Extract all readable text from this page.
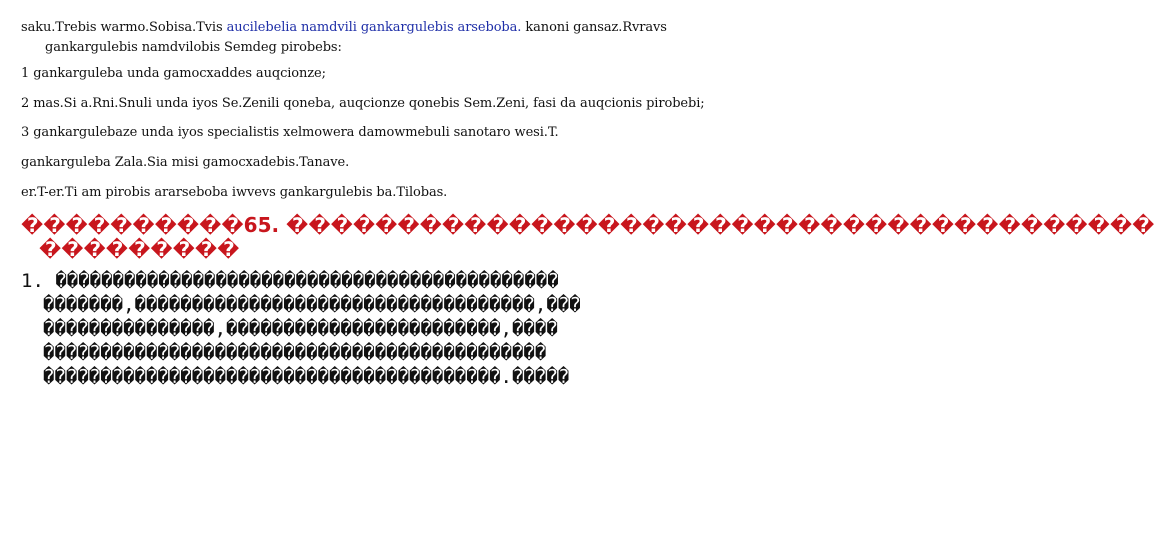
saku.Trebis warmo.Sobisa.Tvis aucilebelia namdvili gankargulebis arseboba. kanoni gansaz.Rvravs
gankargulebis namdvilobis Semdeg pirobebs:
1 gankarguleba unda gamocxaddes auqcionze;
2 mas.Si a.Rni.Snuli unda iyos Se.Zenili qoneba, auqcionze qonebis Sem.Zeni, fasi da auqcionis pirobebi;
3 gankargulebaze unda iyos specialistis xelmowera damowmebuli sanotaro wesi.T.
gankarguleba Zala.Sia misi gamocxadebis.Tanave.
er.T-er.Ti am pirobis ararseboba iwvevs gankargulebis ba.Tilobas.
����������65. ���������������������������������������
���������
1. ��������������������������������������������
�������,�����������������������������������,���
���������������,������������������������,����
��������������������������������������������
����������������������������������������.�����
